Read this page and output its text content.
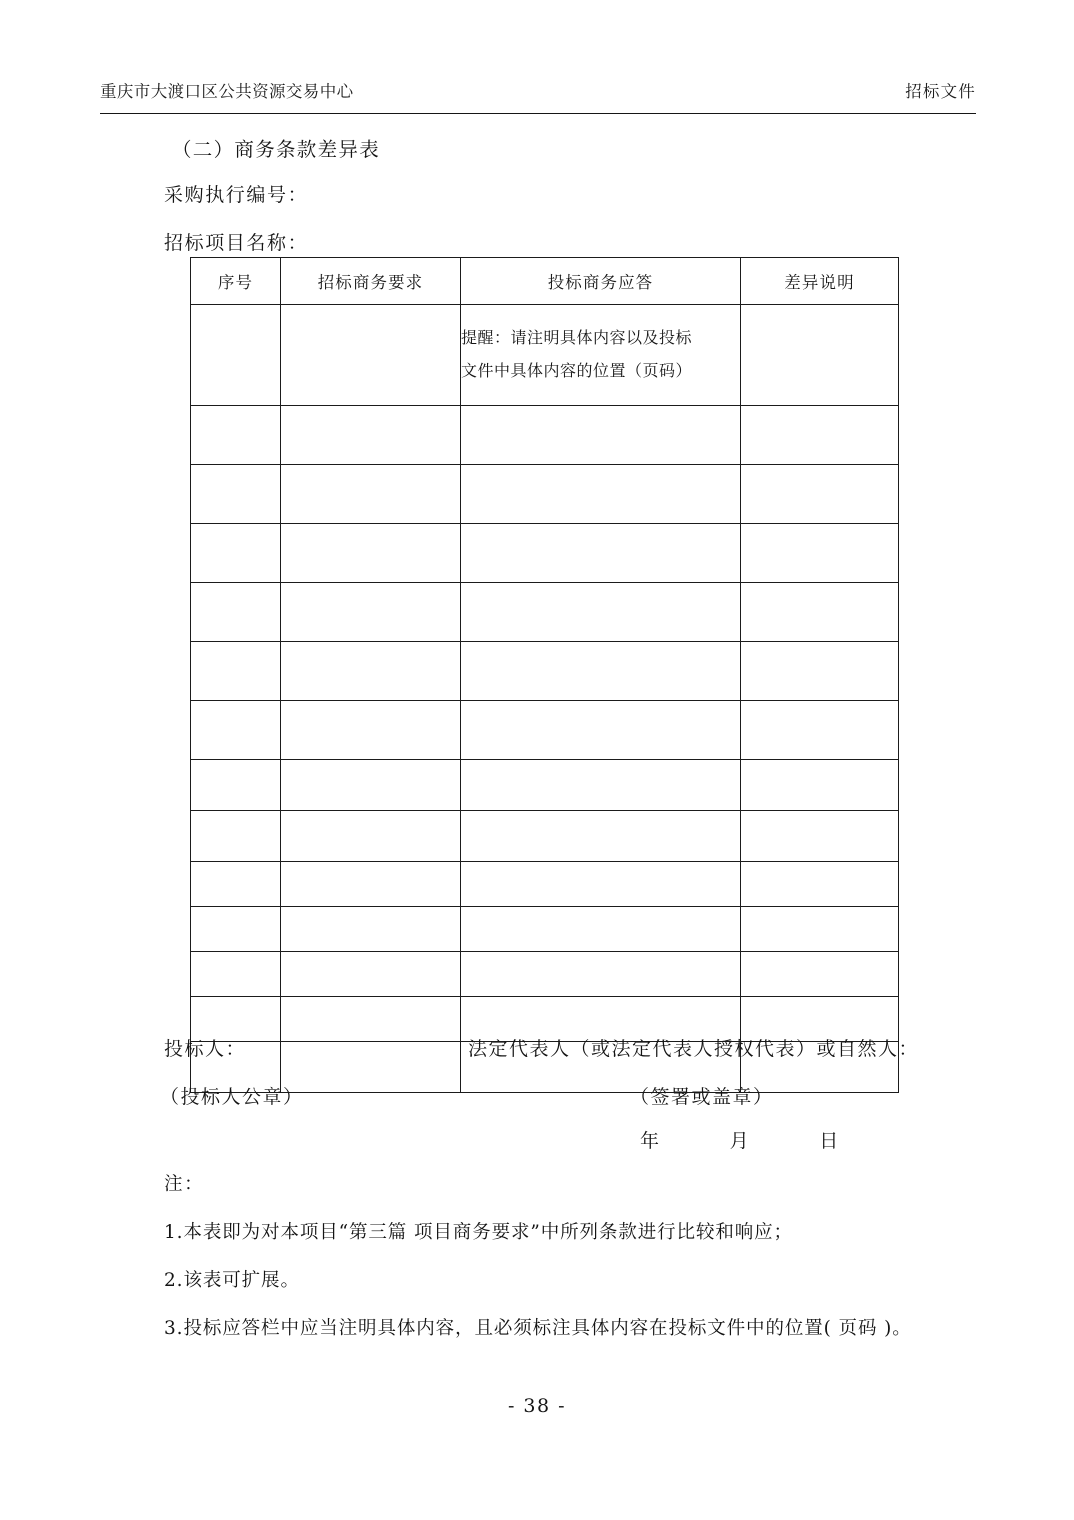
重庆市大渡口区公共资源交易中心	招标文件
（二）商务条款差异表
采购执行编号：
招标项目名称：
序号	招标商务要求	投标商务应答	差异说明

		提醒：请注明具体内容以及投标
文件中具体内容的位置（页码）	

投标人：	法定代表人（或法定代表人授权代表）或自然人：
（投标人公章）	（签署或盖章）
年	月	日
注：
1.本表即为对本项目“第三篇 项目商务要求”中所列条款进行比较和响应；
2.该表可扩展。
3.投标应答栏中应当注明具体内容，且必须标注具体内容在投标文件中的位置( 页码 )。
- 38 -
